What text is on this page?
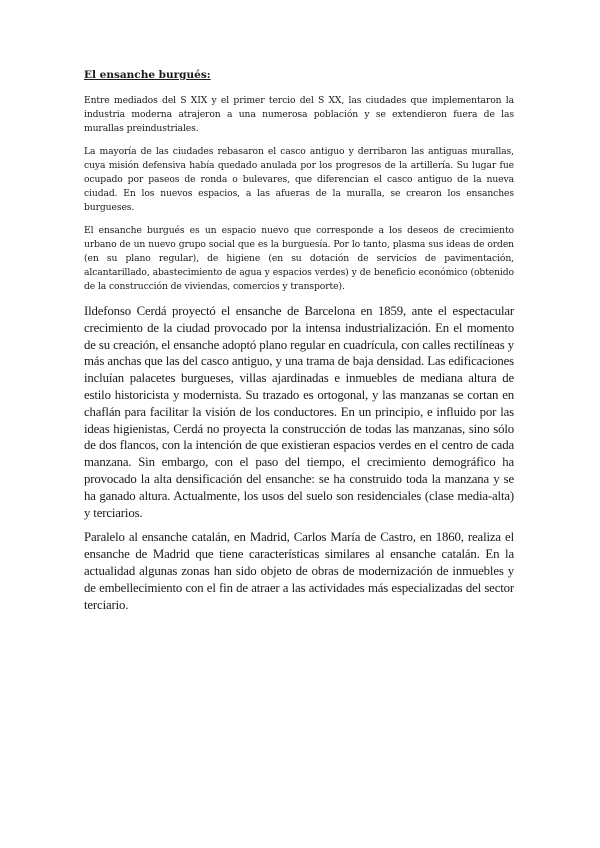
El ensanche burgués:

Entre mediados del S XIX y el primer tercio del S XX, las ciudades que implementaron la industria moderna atrajeron a una numerosa población y se extendieron fuera de las murallas preindustriales.

La mayoría de las ciudades rebasaron el casco antiguo y derribaron las antiguas murallas, cuya misión defensiva había quedado anulada por los progresos de la artillería. Su lugar fue ocupado por paseos de ronda o bulevares, que diferencian el casco antiguo de la nueva ciudad. En los nuevos espacios, a las afueras de la muralla, se crearon los ensanches burgueses.

El ensanche burgués es un espacio nuevo que corresponde a los deseos de crecimiento urbano de un nuevo grupo social que es la burguesía. Por lo tanto, plasma sus ideas de orden (en su plano regular), de higiene (en su dotación de servicios de pavimentación, alcantarillado, abastecimiento de agua y espacios verdes) y de beneficio económico (obtenido de la construcción de viviendas, comercios y transporte).

Ildefonso Cerdá proyectó el ensanche de Barcelona en 1859, ante el espectacular crecimiento de la ciudad provocado por la intensa industrialización. En el momento de su creación, el ensanche adoptó plano regular en cuadrícula, con calles rectilíneas y más anchas que las del casco antiguo, y una trama de baja densidad. Las edificaciones incluían palacetes burgueses, villas ajardinadas e inmuebles de mediana altura de estilo historicista y modernista. Su trazado es ortogonal, y las manzanas se cortan en chaflán para facilitar la visión de los conductores. En un principio, e influido por las ideas higienistas, Cerdá no proyecta la construcción de todas las manzanas, sino sólo de dos flancos, con la intención de que existieran espacios verdes en el centro de cada manzana. Sin embargo, con el paso del tiempo, el crecimiento demográfico ha provocado la alta densificación del ensanche: se ha construido toda la manzana y se ha ganado altura. Actualmente, los usos del suelo son residenciales (clase media-alta) y terciarios.

Paralelo al ensanche catalán, en Madrid, Carlos María de Castro, en 1860, realiza el ensanche de Madrid que tiene características similares al ensanche catalán. En la actualidad algunas zonas han sido objeto de obras de modernización de inmuebles y de embellecimiento con el fin de atraer a las actividades más especializadas del sector terciario.
